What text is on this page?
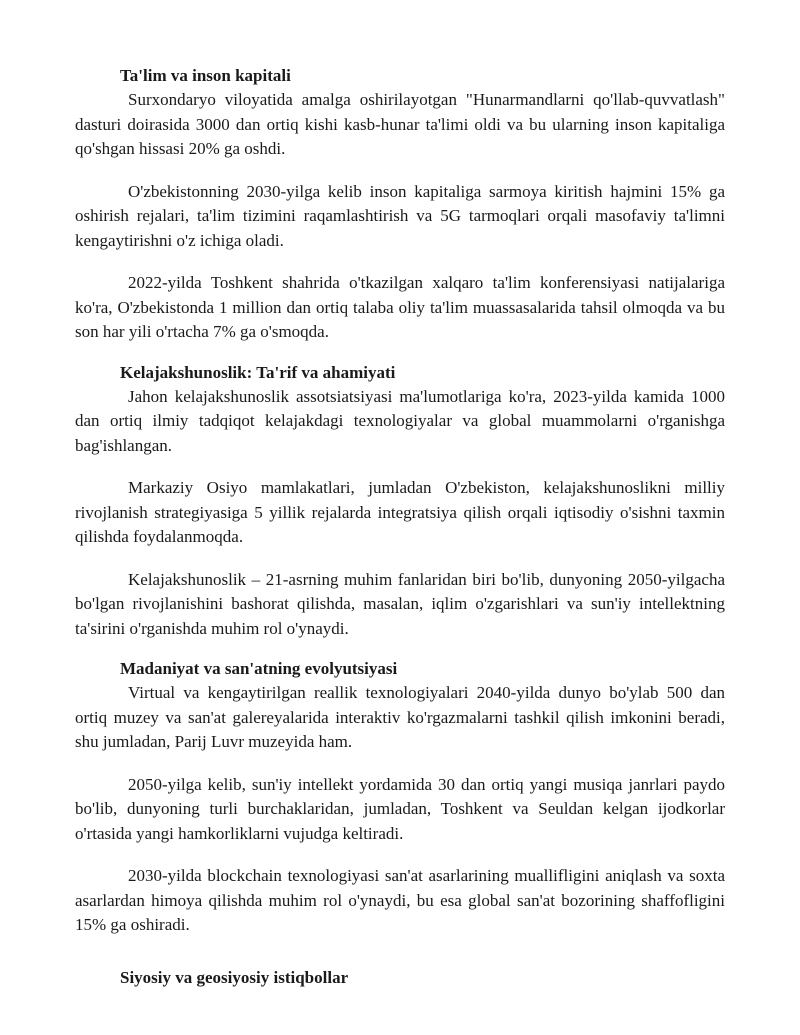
Ta'lim va inson kapitali

Surxondaryo viloyatida amalga oshirilayotgan "Hunarmandlarni qo'llab-quvvatlash" dasturi doirasida 3000 dan ortiq kishi kasb-hunar ta'limi oldi va bu ularning inson kapitaliga qo'shgan hissasi 20% ga oshdi.

O'zbekistonning 2030-yilga kelib inson kapitaliga sarmoya kiritish hajmini 15% ga oshirish rejalari, ta'lim tizimini raqamlashtirish va 5G tarmoqlari orqali masofaviy ta'limni kengaytirishni o'z ichiga oladi.

2022-yilda Toshkent shahrida o'tkazilgan xalqaro ta'lim konferensiyasi natijalariga ko'ra, O'zbekistonda 1 million dan ortiq talaba oliy ta'lim muassasalarida tahsil olmoqda va bu son har yili o'rtacha 7% ga o'smoqda.

Kelajakshunoslik: Ta'rif va ahamiyati

Jahon kelajakshunoslik assotsiatsiyasi ma'lumotlariga ko'ra, 2023-yilda kamida 1000 dan ortiq ilmiy tadqiqot kelajakdagi texnologiyalar va global muammolarni o'rganishga bag'ishlangan.

Markaziy Osiyo mamlakatlari, jumladan O'zbekiston, kelajakshunoslikni milliy rivojlanish strategiyasiga 5 yillik rejalarda integratsiya qilish orqali iqtisodiy o'sishni taxmin qilishda foydalanmoqda.

Kelajakshunoslik – 21-asrning muhim fanlaridan biri bo'lib, dunyoning 2050-yilgacha bo'lgan rivojlanishini bashorat qilishda, masalan, iqlim o'zgarishlari va sun'iy intellektning ta'sirini o'rganishda muhim rol o'ynaydi.

Madaniyat va san'atning evolyutsiyasi

Virtual va kengaytirilgan reallik texnologiyalari 2040-yilda dunyo bo'ylab 500 dan ortiq muzey va san'at galereyalarida interaktiv ko'rgazmalarni tashkil qilish imkonini beradi, shu jumladan, Parij Luvr muzeyida ham.

2050-yilga kelib, sun'iy intellekt yordamida 30 dan ortiq yangi musiqa janrlari paydo bo'lib, dunyoning turli burchaklaridan, jumladan, Toshkent va Seuldan kelgan ijodkorlar o'rtasida yangi hamkorliklarni vujudga keltiradi.

2030-yilda blockchain texnologiyasi san'at asarlarining muallifligini aniqlash va soxta asarlardan himoya qilishda muhim rol o'ynaydi, bu esa global san'at bozorining shaffofligini 15% ga oshiradi.

Siyosiy va geosiyosiy istiqbollar
